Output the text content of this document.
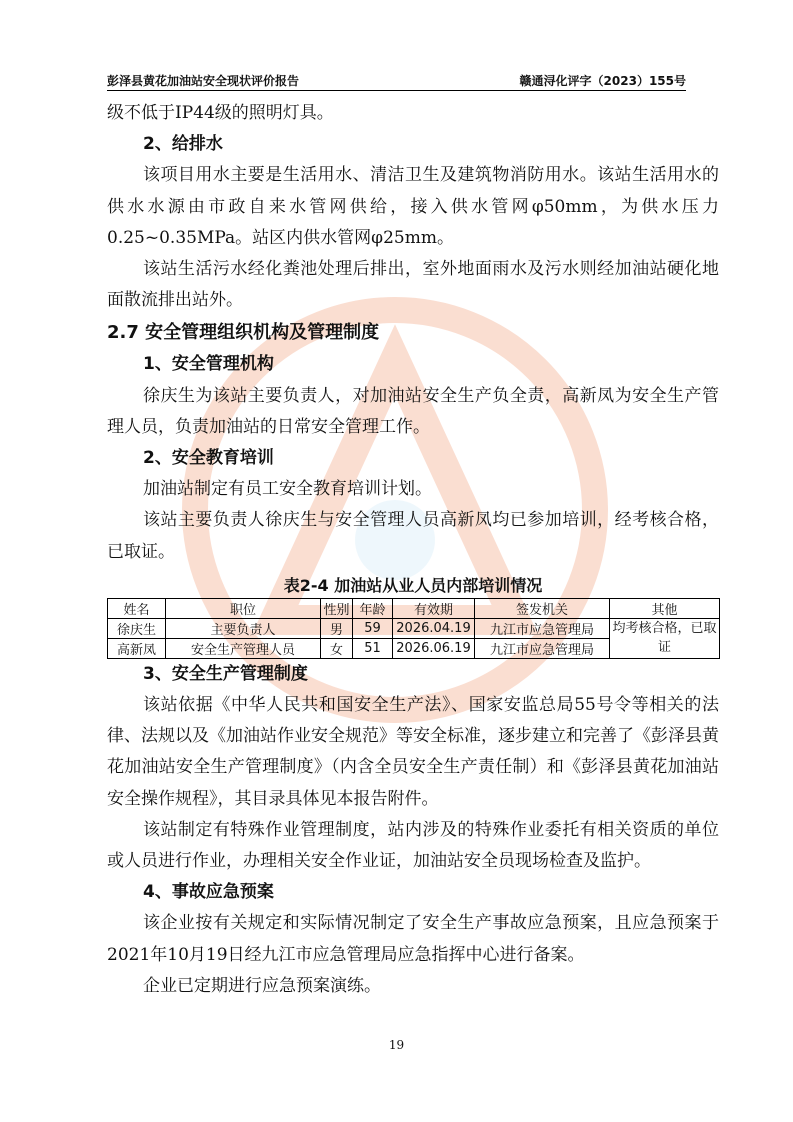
彭泽县黄花加油站安全现状评价报告	赣通浔化评字（2023）155号

级不低于IP44级的照明灯具。

2、给排水

该项目用水主要是生活用水、清洁卫生及建筑物消防用水。该站生活用水的供水水源由市政自来水管网供给，接入供水管网φ50mm，为供水压力0.25~0.35MPa。站区内供水管网φ25mm。

该站生活污水经化粪池处理后排出，室外地面雨水及污水则经加油站硬化地面散流排出站外。

2.7 安全管理组织机构及管理制度

1、安全管理机构

徐庆生为该站主要负责人，对加油站安全生产负全责，高新凤为安全生产管理人员，负责加油站的日常安全管理工作。

2、安全教育培训

加油站制定有员工安全教育培训计划。

该站主要负责人徐庆生与安全管理人员高新凤均已参加培训，经考核合格，已取证。

表2-4 加油站从业人员内部培训情况
姓名	职位	性别	年龄	有效期	签发机关	其他
徐庆生	主要负责人	男	59	2026.04.19	九江市应急管理局	均考核合格，已取证
高新凤	安全生产管理人员	女	51	2026.06.19	九江市应急管理局	

3、安全生产管理制度

该站依据《中华人民共和国安全生产法》、国家安监总局55号令等相关的法律、法规以及《加油站作业安全规范》等安全标准，逐步建立和完善了《彭泽县黄花加油站安全生产管理制度》（内含全员安全生产责任制）和《彭泽县黄花加油站安全操作规程》，其目录具体见本报告附件。

该站制定有特殊作业管理制度，站内涉及的特殊作业委托有相关资质的单位或人员进行作业，办理相关安全作业证，加油站安全员现场检查及监护。

4、事故应急预案

该企业按有关规定和实际情况制定了安全生产事故应急预案，且应急预案于2021年10月19日经九江市应急管理局应急指挥中心进行备案。

企业已定期进行应急预案演练。

19
